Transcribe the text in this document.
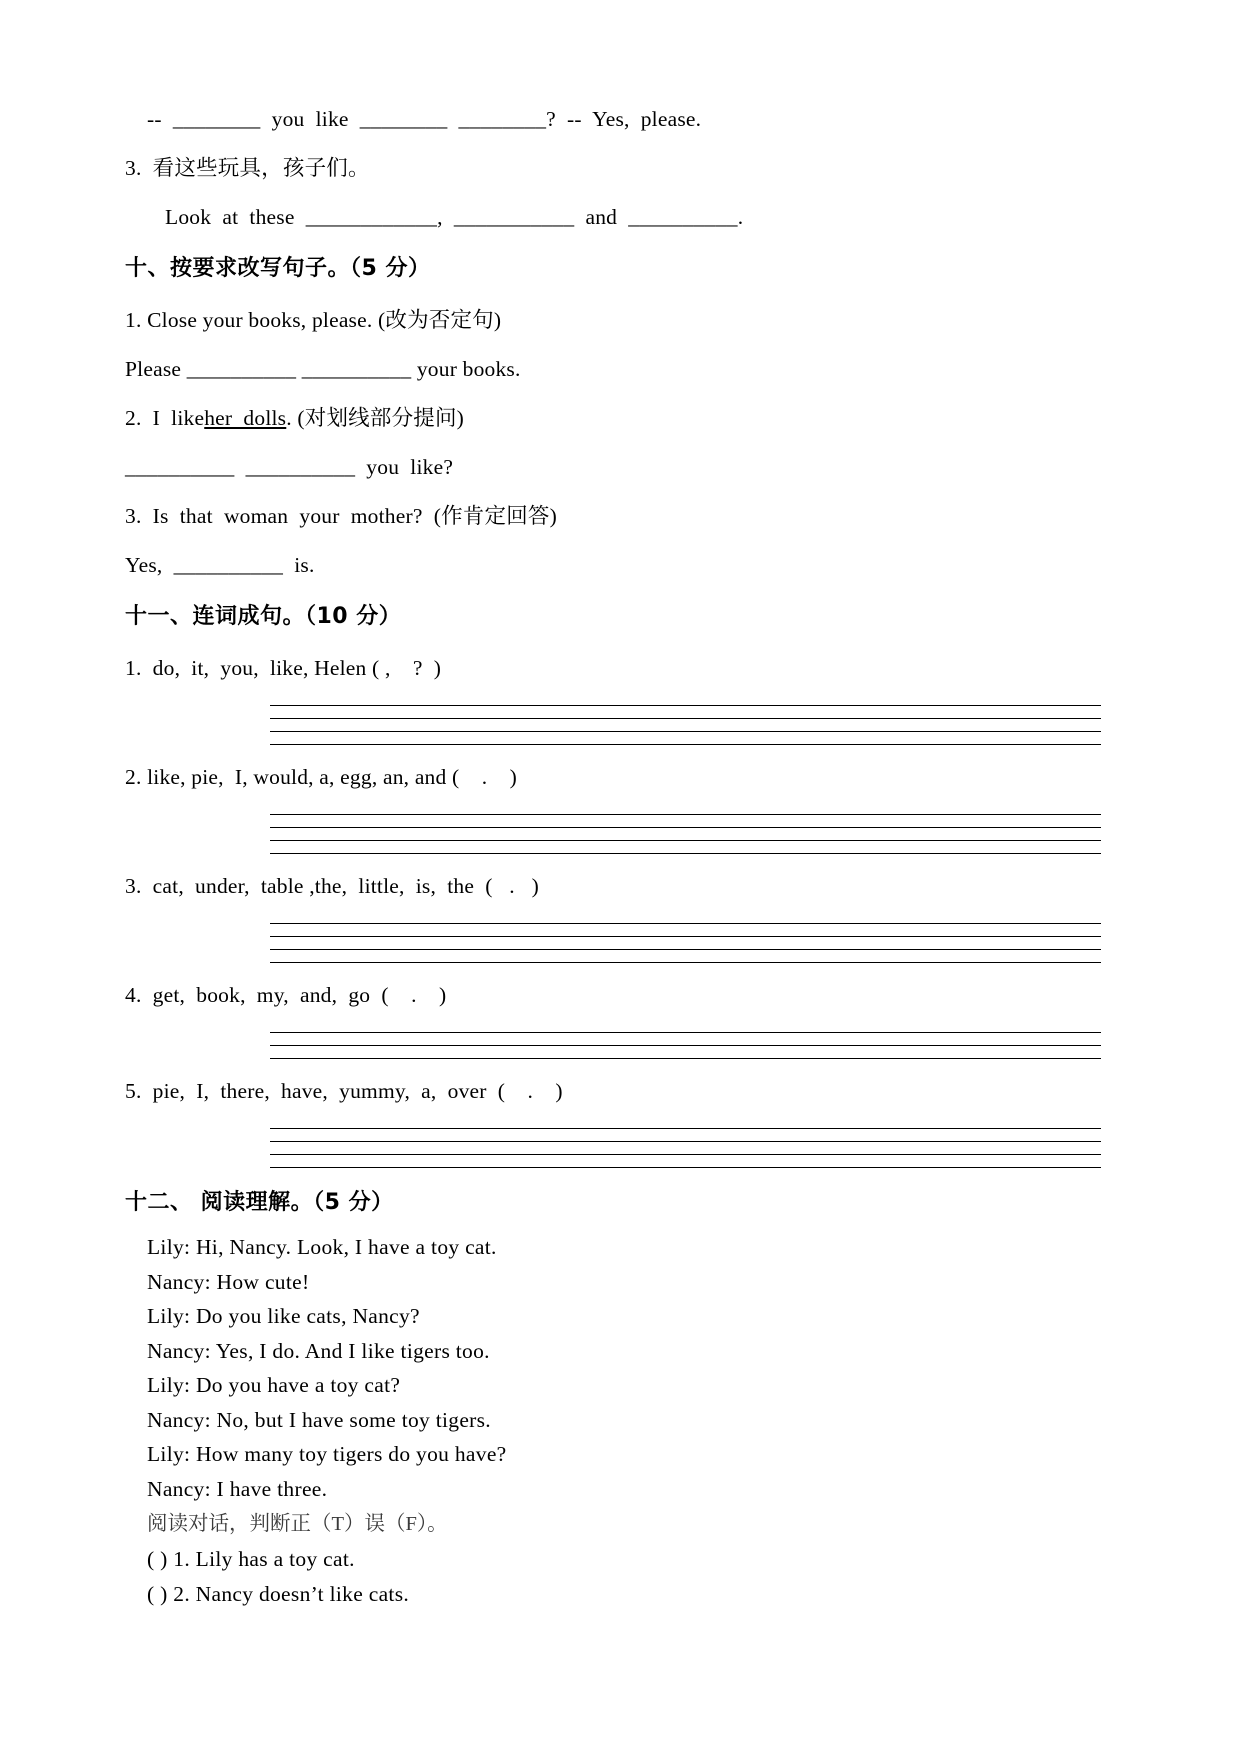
--  ________  you  like  ________  ________?  --  Yes,  please.
3.  看这些玩具，孩子们。
Look  at  these  ____________,  ___________  and  __________.
十、按要求改写句子。（5 分）
1. Close your books, please. (改为否定句)
Please __________ __________ your books.
2.  I  likeher  dolls. (对划线部分提问)
__________  __________  you  like?
3.  Is  that  woman  your  mother?  (作肯定回答)
Yes,  __________  is.
十一、连词成句。（10 分）
1.  do,  it,  you,  like, Helen ( ,    ?  )
2. like, pie,  I, would, a, egg, an, and (    .    )
3.  cat,  under,  table ,the,  little,  is,  the  (   .   )
4.  get,  book,  my,  and,  go  (    .    )
5.  pie,  I,  there,  have,  yummy,  a,  over  (    .    )
十二、 阅读理解。（5 分）
Lily: Hi, Nancy. Look, I have a toy cat.
Nancy: How cute!
Lily: Do you like cats, Nancy?
Nancy: Yes, I do. And I like tigers too.
Lily: Do you have a toy cat?
Nancy: No, but I have some toy tigers.
Lily: How many toy tigers do you have?
Nancy: I have three.
阅读对话，判断正（T）误（F）。
( ) 1. Lily has a toy cat.
( ) 2. Nancy doesn’t like cats.
